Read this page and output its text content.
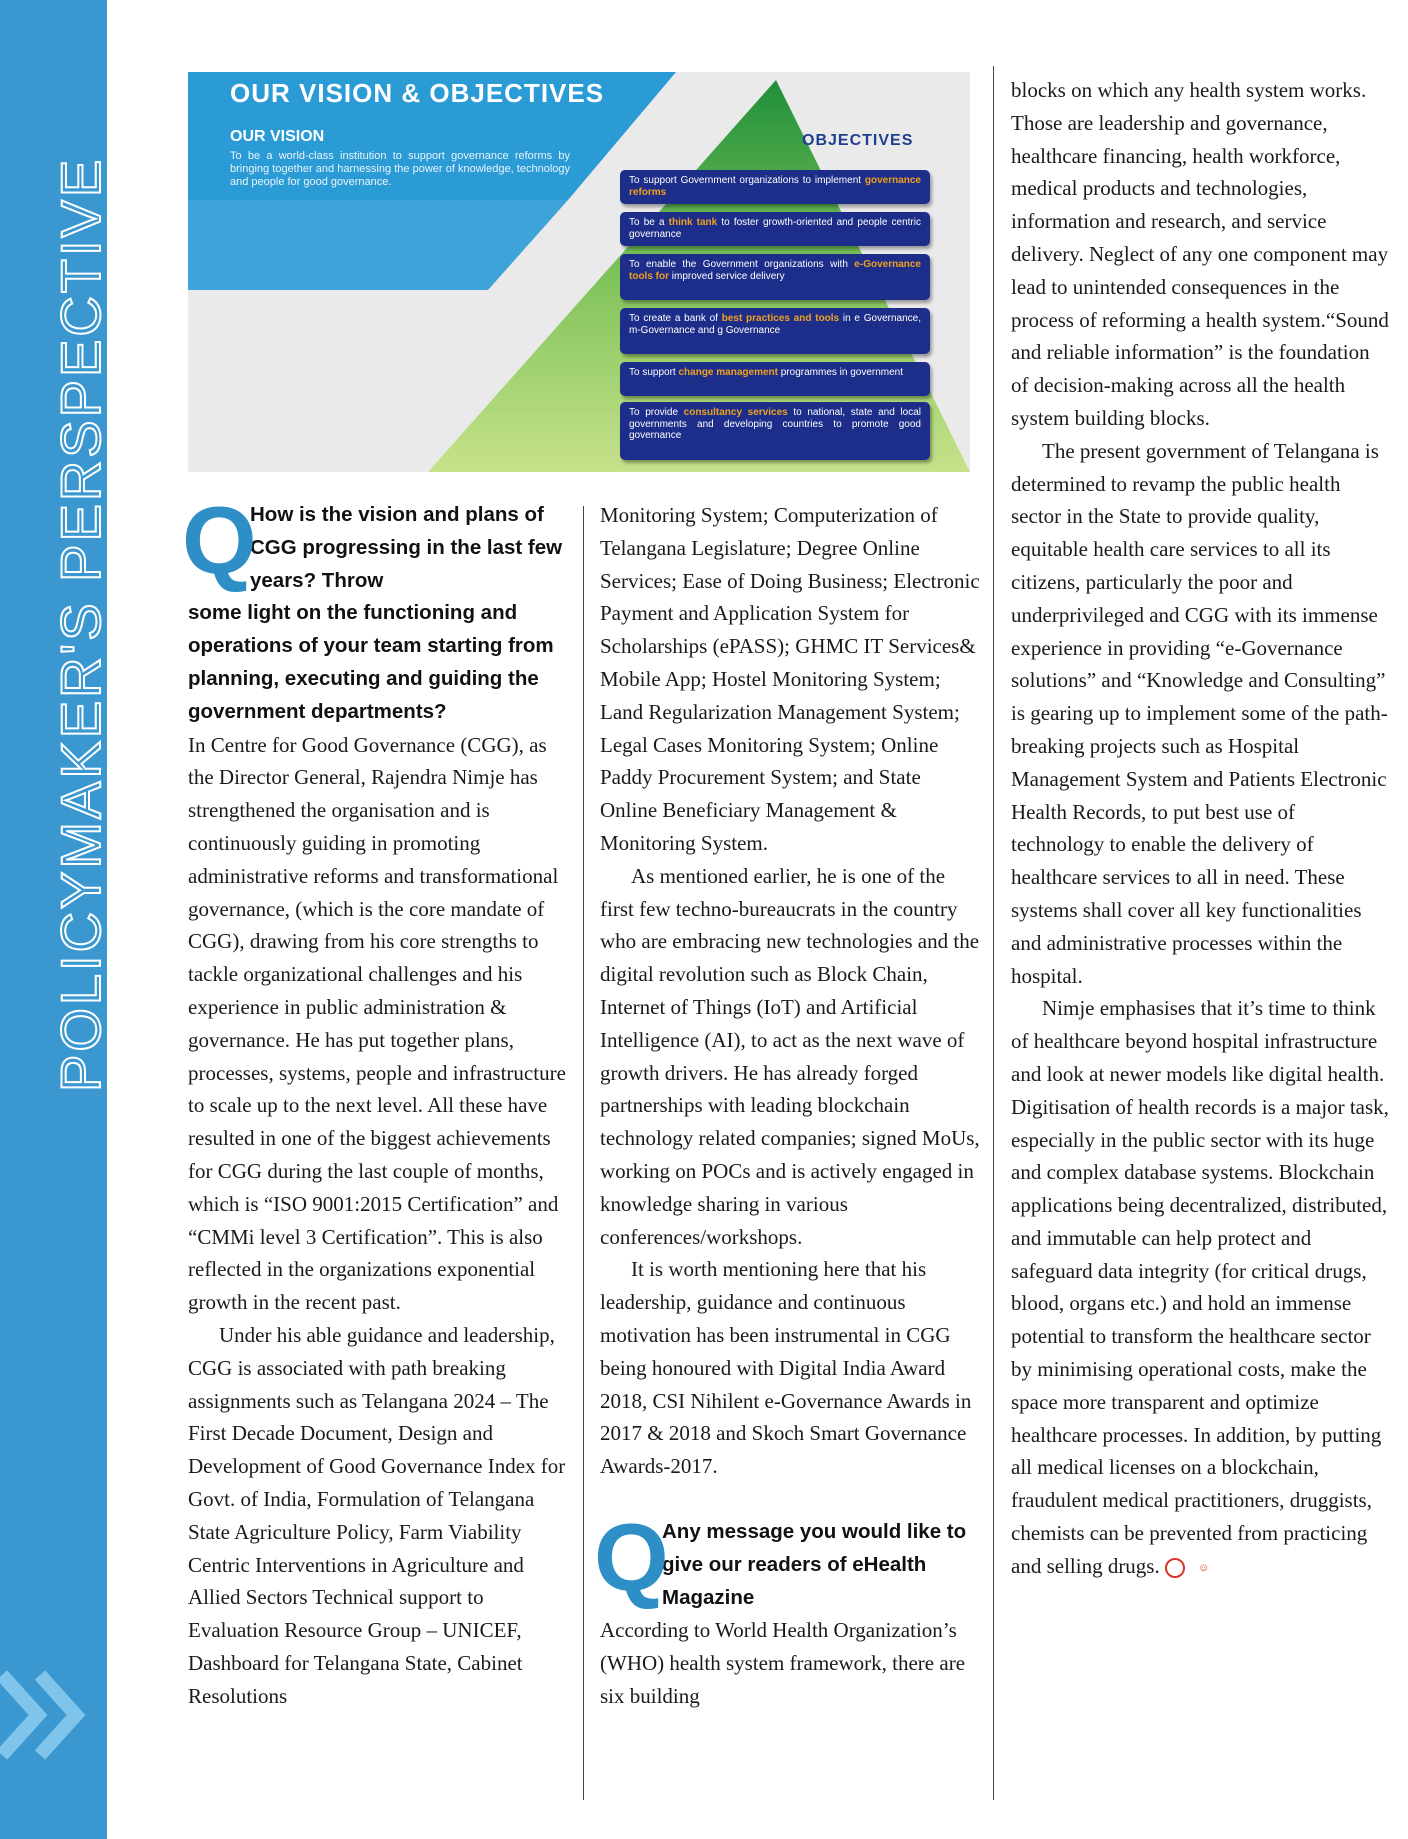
POLICYMAKER'S PERSPECTIVE
OUR VISION & OBJECTIVES
OUR VISION
To be a world-class institution to support governance reforms by bringing together and harnessing the power of knowledge, technology and people for good governance.
OBJECTIVES
To support Government organizations to implement governance reforms
To be a think tank to foster growth-oriented and people centric governance
To enable the Government organizations with e-Governance tools for improved service delivery
To create a bank of best practices and tools in e Governance, m-Governance and g Governance
To support change management programmes in government
To provide consultancy services to national, state and local governments and developing countries to promote good governance
Q
How is the vision and plans of CGG progressing in the last few years? Throw
some light on the functioning and operations of your team starting from planning, executing and guiding the government departments?

In Centre for Good Governance (CGG), as the Director General, Rajendra Nimje has strengthened the organisation and is continuously guiding in promoting administrative reforms and transformational governance, (which is the core mandate of CGG), drawing from his core strengths to tackle organizational challenges and his experience in public administration & governance. He has put together plans, processes, systems, people and infrastructure to scale up to the next level. All these have resulted in one of the biggest achievements for CGG during the last couple of months, which is “ISO 9001:2015 Certification” and “CMMi level 3 Certification”. This is also reflected in the organizations exponential growth in the recent past.

Under his able guidance and leadership, CGG is associated with path breaking assignments such as Telangana 2024 – The First Decade Document, Design and Development of Good Governance Index for Govt. of India, Formulation of Telangana State Agriculture Policy, Farm Viability Centric Interventions in Agriculture and Allied Sectors Technical support to Evaluation Resource Group – UNICEF, Dashboard for Telangana State, Cabinet Resolutions

Monitoring System; Computerization of Telangana Legislature; Degree Online Services; Ease of Doing Business; Electronic Payment and Application System for Scholarships (ePASS); GHMC IT Services& Mobile App; Hostel Monitoring System; Land Regularization Management System; Legal Cases Monitoring System; Online Paddy Procurement System; and State Online Beneficiary Management & Monitoring System.

As mentioned earlier, he is one of the first few techno-bureaucrats in the country who are embracing new technologies and the digital revolution such as Block Chain, Internet of Things (IoT) and Artificial Intelligence (AI), to act as the next wave of growth drivers. He has already forged partnerships with leading blockchain technology related companies; signed MoUs, working on POCs and is actively engaged in knowledge sharing in various conferences/workshops.

It is worth mentioning here that his leadership, guidance and continuous motivation has been instrumental in CGG being honoured with Digital India Award 2018, CSI Nihilent e-Governance Awards in 2017 & 2018 and Skoch Smart Governance Awards-2017.

Q
Any message you would like to give our readers of eHealth Magazine

According to World Health Organization’s (WHO) health system framework, there are six building

blocks on which any health system works. Those are leadership and governance, healthcare financing, health workforce, medical products and technologies, information and research, and service delivery. Neglect of any one component may lead to unintended consequences in the process of reforming a health system.“Sound and reliable information” is the foundation of decision-making across all the health system building blocks.

The present government of Telangana is determined to revamp the public health sector in the State to provide quality, equitable health care services to all its citizens, particularly the poor and underprivileged and CGG with its immense experience in providing “e-Governance solutions” and “Knowledge and Consulting” is gearing up to implement some of the path-breaking projects such as Hospital Management System and Patients Electronic Health Records, to put best use of technology to enable the delivery of healthcare services to all in need. These systems shall cover all key functionalities and administrative processes within the hospital.

Nimje emphasises that it’s time to think of healthcare beyond hospital infrastructure and look at newer models like digital health. Digitisation of health records is a major task, especially in the public sector with its huge and complex database systems. Blockchain applications being decentralized, distributed, and immutable can help protect and safeguard data integrity (for critical drugs, blood, organs etc.) and hold an immense potential to transform the healthcare sector by minimising operational costs, make the space more transparent and optimize healthcare processes. In addition, by putting all medical licenses on a blockchain, fraudulent medical practitioners, druggists, chemists can be prevented from practicing and selling drugs.	☺
